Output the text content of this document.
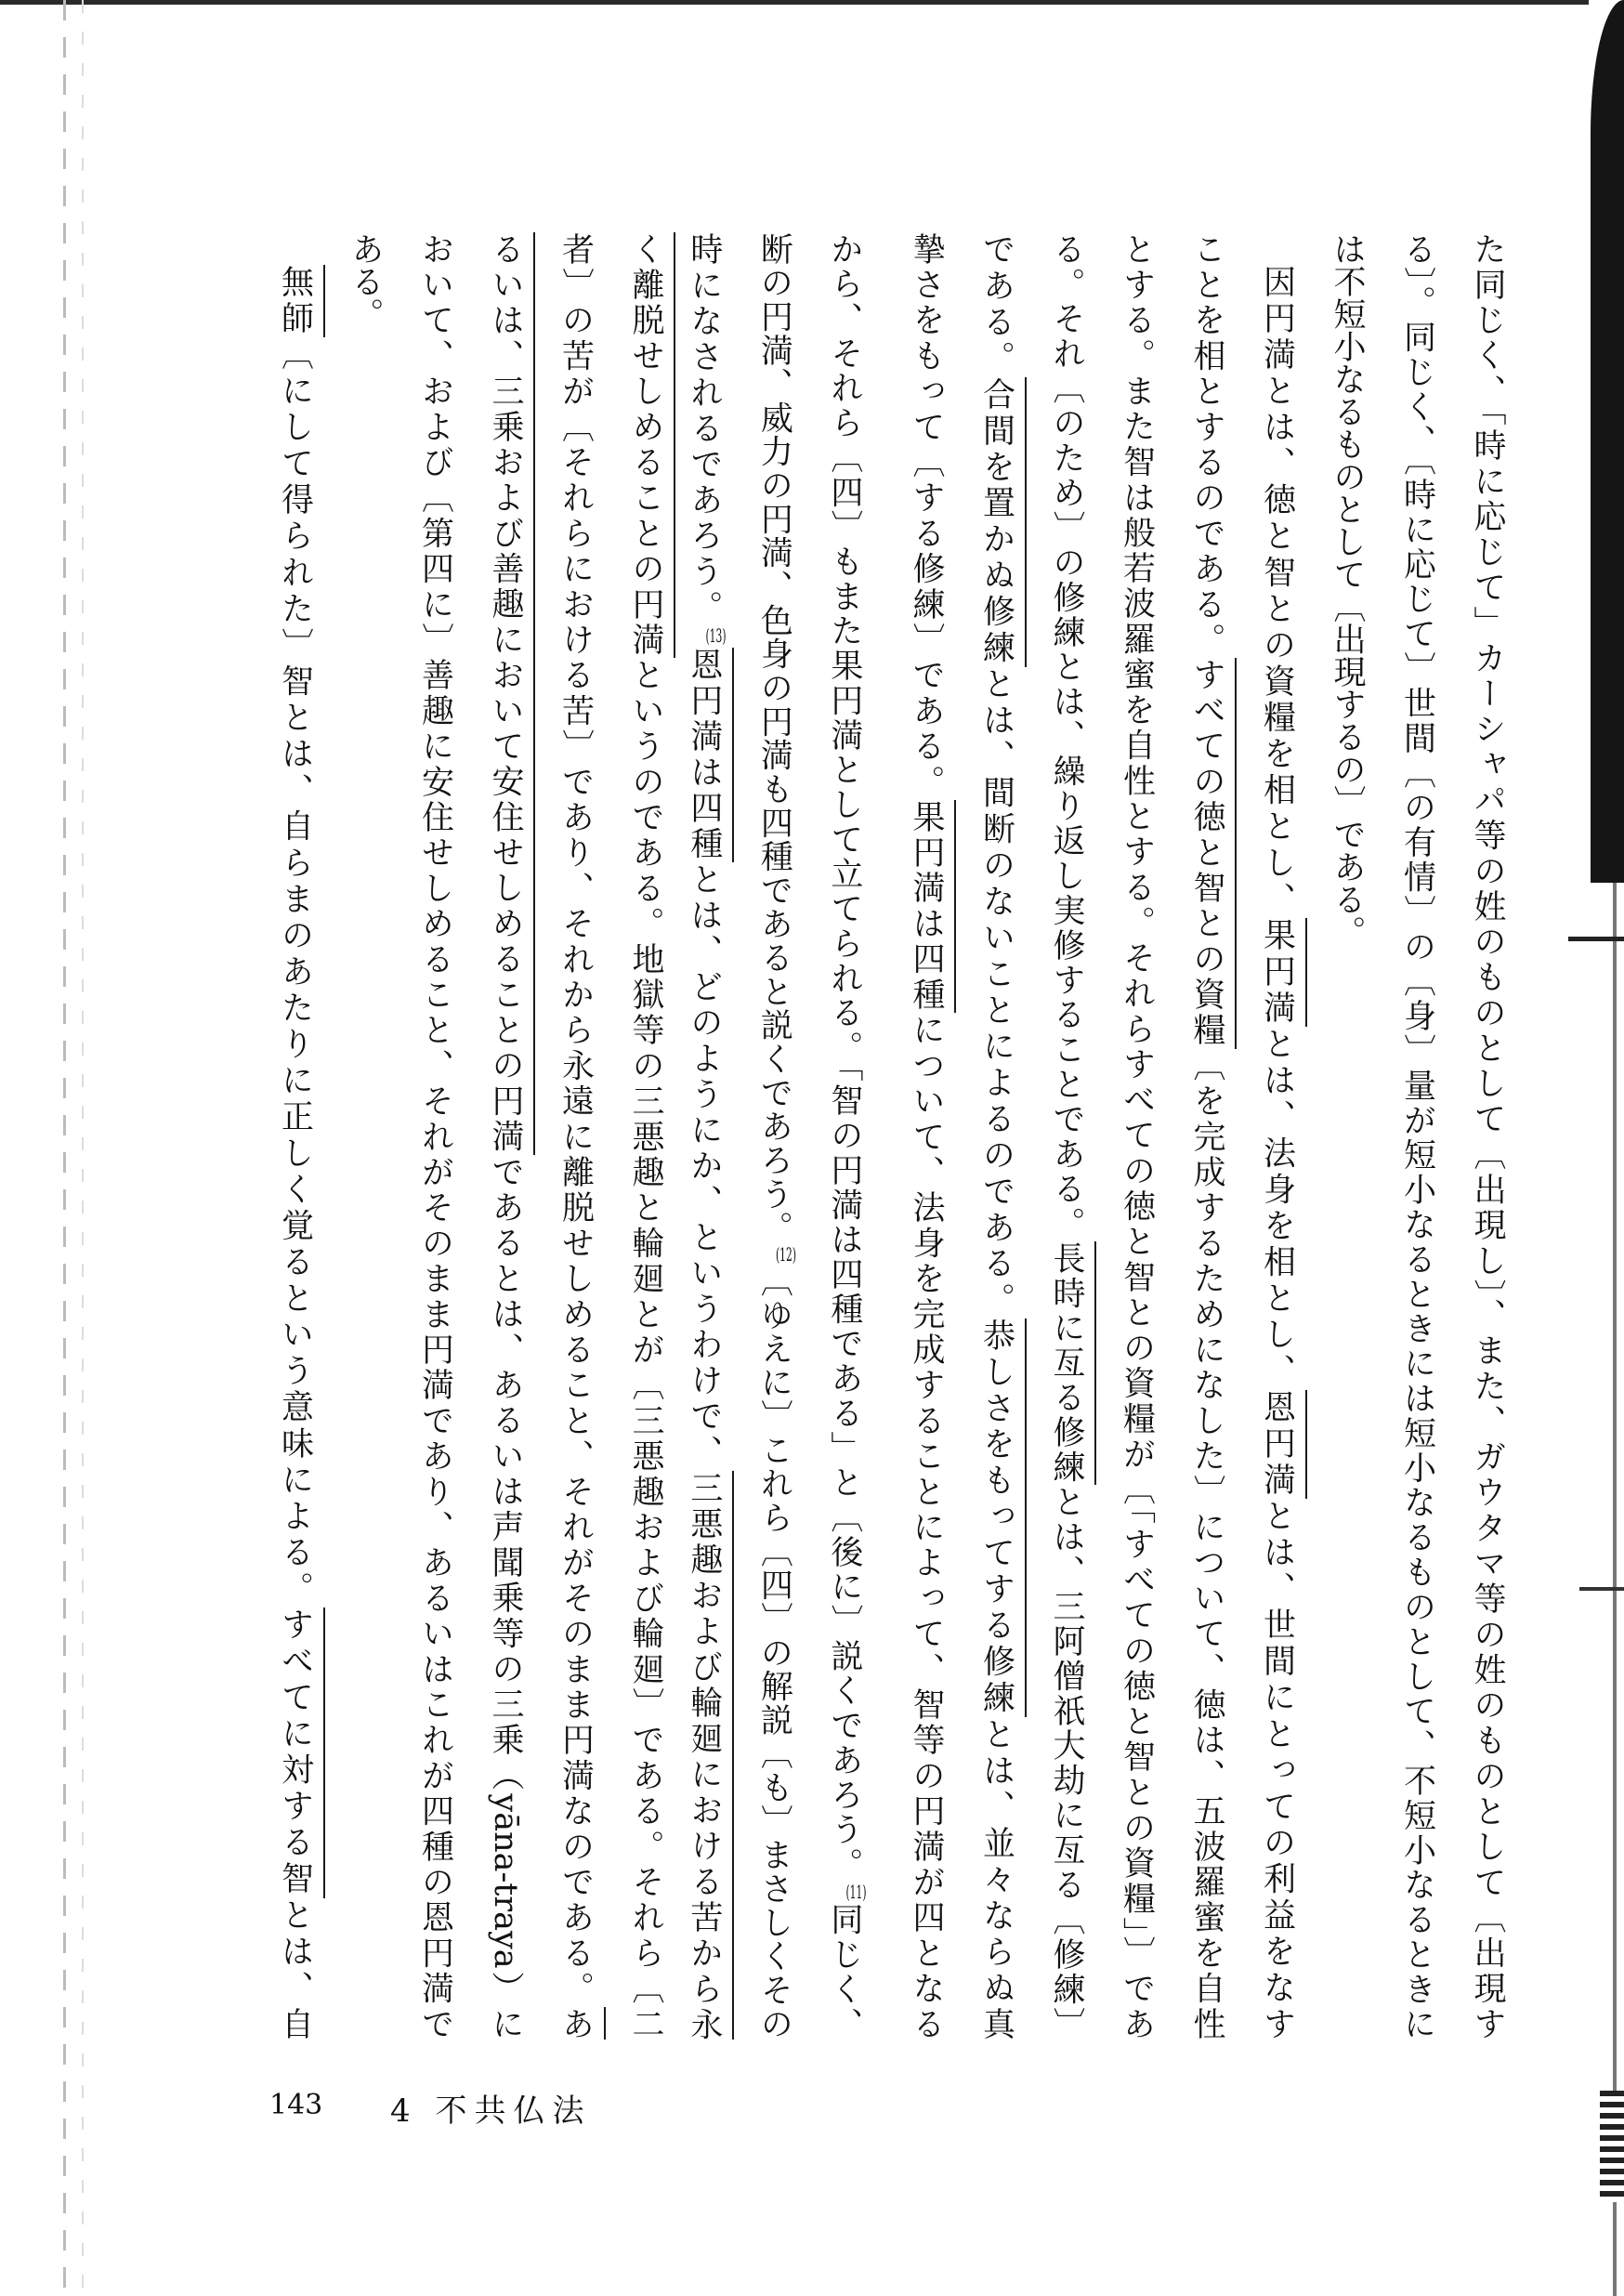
た同じく、「時に応じて」カーシャパ等の姓のものとして〔出現し〕、また、ガウタマ等の姓のものとして〔出現す
る〕。同じく、〔時に応じて〕世間〔の有情〕の〔身〕量が短小なるときには短小なるものとして、不短小なるときに
は不短小なるものとして〔出現するの〕である。
因円満とは、徳と智との資糧を相とし、果円満とは、法身を相とし、恩円満とは、世間にとっての利益をなす
ことを相とするのである。すべての徳と智との資糧〔を完成するためになした〕について、徳は、五波羅蜜を自性
とする。また智は般若波羅蜜を自性とする。それらすべての徳と智との資糧が〔「すべての徳と智との資糧」〕であ
る。それ〔のため〕の修練とは、繰り返し実修することである。長時に亙る修練とは、三阿僧祇大劫に亙る〔修練〕
である。合間を置かぬ修練とは、間断のないことによるのである。恭しさをもってする修練とは、並々ならぬ真
摯さをもって〔する修練〕である。果円満は四種について、法身を完成することによって、智等の円満が四となる
から、それら〔四〕もまた果円満として立てられる。「智の円満は四種である」と〔後に〕説くであろう。$^{(11)}$同じく、
断の円満、威力の円満、色身の円満も四種であると説くであろう。$^{(12)}$〔ゆえに〕これら〔四〕の解説〔も〕まさしくその
時になされるであろう。$^{(13)}$恩円満は四種とは、どのようにか、というわけで、三悪趣および輪廻における苦から永
く離脱せしめることの円満というのである。地獄等の三悪趣と輪廻とが〔三悪趣および輪廻〕である。それら〔二
者〕の苦が〔それらにおける苦〕であり、それから永遠に離脱せしめること、それがそのまま円満なのである。あ
るいは、三乗および善趣において安住せしめることの円満であるとは、あるいは声聞乗等の三乗（yāna-traya）に
おいて、および〔第四に〕善趣に安住せしめること、それがそのまま円満であり、あるいはこれが四種の恩円満で
ある。
無師〔にして得られた〕智とは、自らまのあたりに正しく覚るという意味による。すべてに対する智とは、自
143 4 不共仏法
